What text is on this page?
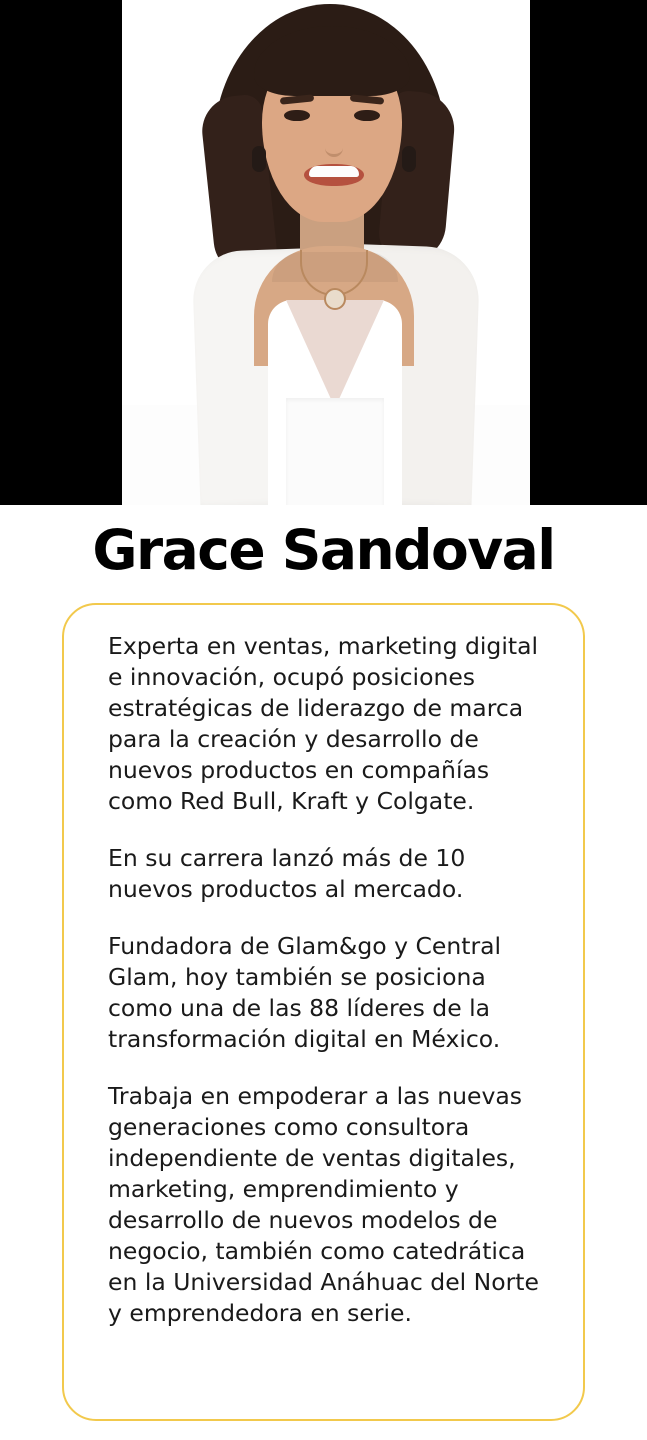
Grace Sandoval

Experta en ventas, marketing digital e innovación, ocupó posiciones estratégicas de liderazgo de marca para la creación y desarrollo de nuevos productos en compañías como Red Bull, Kraft y Colgate.

En su carrera lanzó más de 10 nuevos productos al mercado.

Fundadora de Glam&go y Central Glam, hoy también se posiciona como una de las 88 líderes de la transformación digital en México.

Trabaja en empoderar a las nuevas generaciones como consultora independiente de ventas digitales, marketing, emprendimiento y desarrollo de nuevos modelos de negocio, también como catedrática en la Universidad Anáhuac del Norte y emprendedora en serie.
